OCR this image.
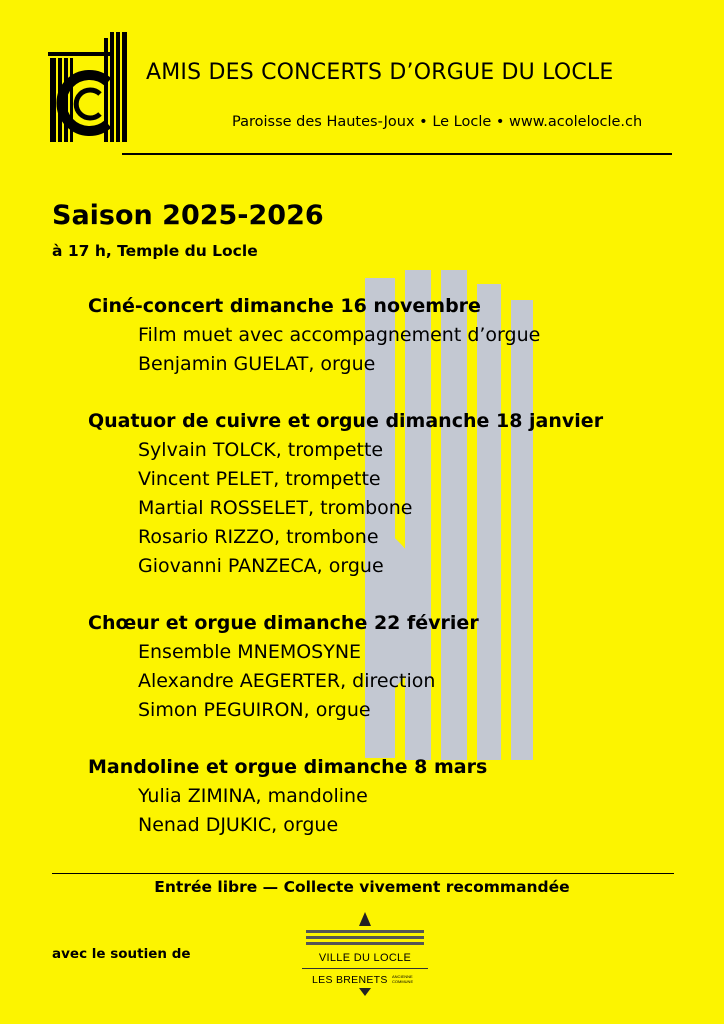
AMIS DES CONCERTS D’ORGUE DU LOCLE
Paroisse des Hautes-Joux • Le Locle • www.acolelocle.ch
Saison 2025-2026
à 17 h, Temple du Locle
Ciné-concert dimanche 16 novembre
Film muet avec accompagnement d’orgue
Benjamin GUELAT, orgue
Quatuor de cuivre et orgue dimanche 18 janvier
Sylvain TOLCK, trompette
Vincent PELET, trompette
Martial ROSSELET, trombone
Rosario RIZZO, trombone
Giovanni PANZECA, orgue
Chœur et orgue dimanche 22 février
Ensemble MNEMOSYNE
Alexandre AEGERTER, direction
Simon PEGUIRON, orgue
Mandoline et orgue dimanche 8 mars
Yulia ZIMINA, mandoline
Nenad DJUKIC, orgue
Entrée libre — Collecte vivement recommandée
avec le soutien de	VILLE DU LOCLE
LES BRENETS ANCIENNE COMMUNE
